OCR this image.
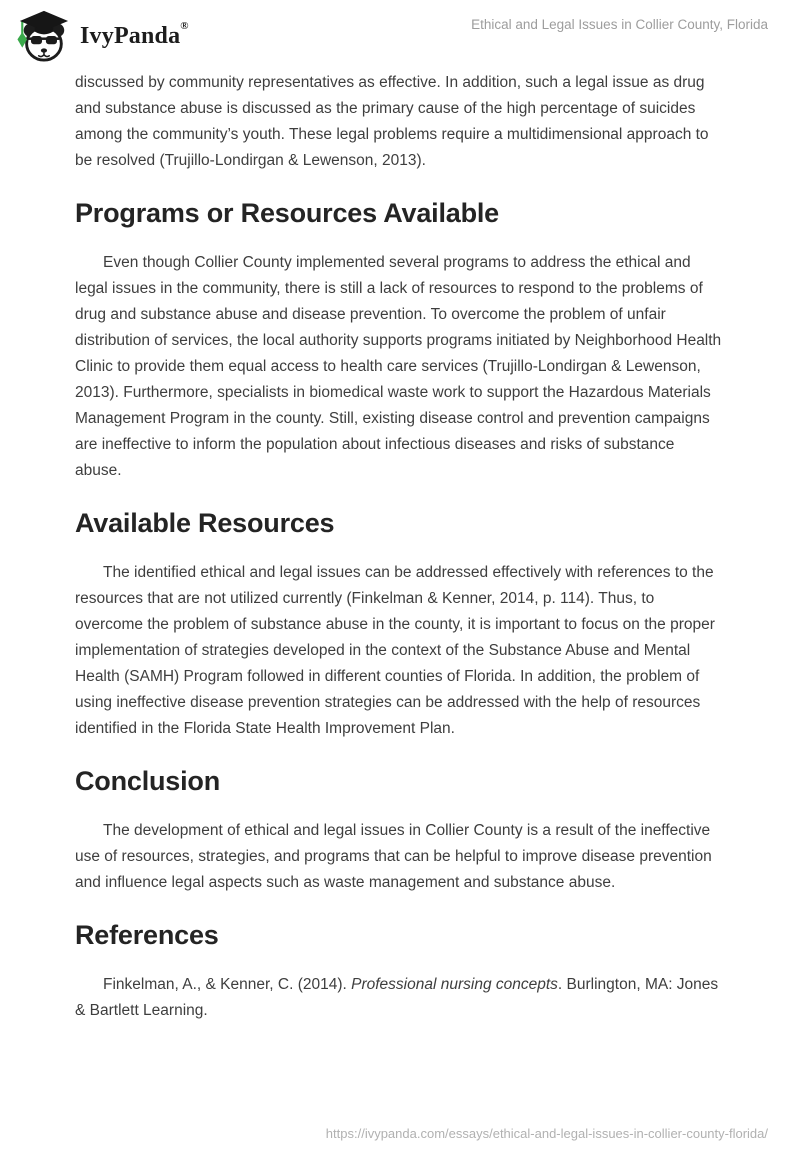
IvyPanda®	Ethical and Legal Issues in Collier County, Florida

discussed by community representatives as effective. In addition, such a legal issue as drug and substance abuse is discussed as the primary cause of the high percentage of suicides among the community’s youth. These legal problems require a multidimensional approach to be resolved (Trujillo-Londirgan & Lewenson, 2013).

Programs or Resources Available

Even though Collier County implemented several programs to address the ethical and legal issues in the community, there is still a lack of resources to respond to the problems of drug and substance abuse and disease prevention. To overcome the problem of unfair distribution of services, the local authority supports programs initiated by Neighborhood Health Clinic to provide them equal access to health care services (Trujillo-Londirgan & Lewenson, 2013). Furthermore, specialists in biomedical waste work to support the Hazardous Materials Management Program in the county. Still, existing disease control and prevention campaigns are ineffective to inform the population about infectious diseases and risks of substance abuse.

Available Resources

The identified ethical and legal issues can be addressed effectively with references to the resources that are not utilized currently (Finkelman & Kenner, 2014, p. 114). Thus, to overcome the problem of substance abuse in the county, it is important to focus on the proper implementation of strategies developed in the context of the Substance Abuse and Mental Health (SAMH) Program followed in different counties of Florida. In addition, the problem of using ineffective disease prevention strategies can be addressed with the help of resources identified in the Florida State Health Improvement Plan.

Conclusion

The development of ethical and legal issues in Collier County is a result of the ineffective use of resources, strategies, and programs that can be helpful to improve disease prevention and influence legal aspects such as waste management and substance abuse.

References

Finkelman, A., & Kenner, C. (2014). Professional nursing concepts. Burlington, MA: Jones & Bartlett Learning.

https://ivypanda.com/essays/ethical-and-legal-issues-in-collier-county-florida/
